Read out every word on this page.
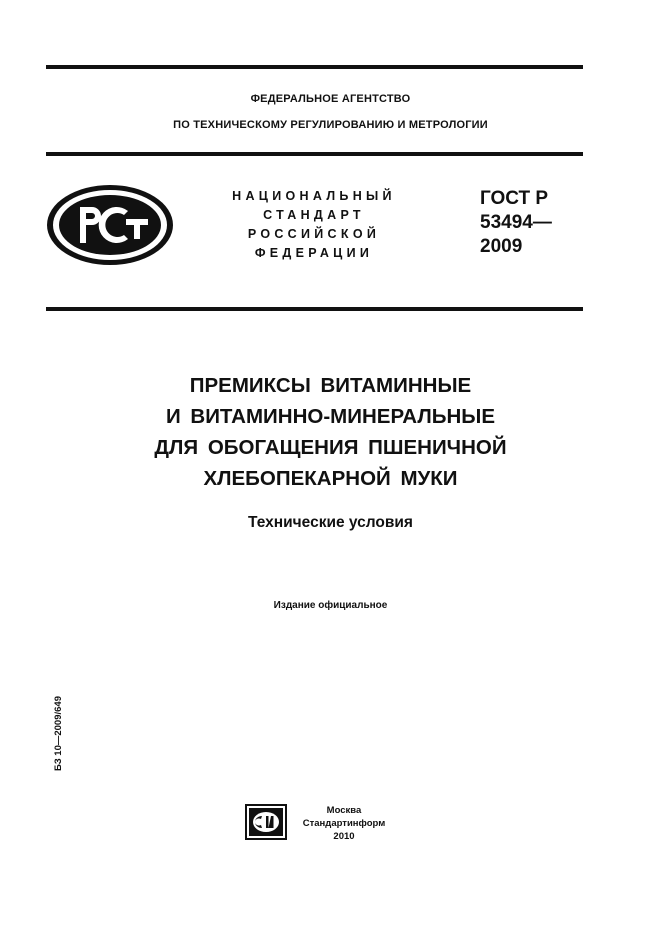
ФЕДЕРАЛЬНОЕ АГЕНТСТВО
ПО ТЕХНИЧЕСКОМУ РЕГУЛИРОВАНИЮ И МЕТРОЛОГИИ
НАЦИОНАЛЬНЫЙ
СТАНДАРТ
РОССИЙСКОЙ
ФЕДЕРАЦИИ
ГОСТ Р
53494—
2009
ПРЕМИКСЫ ВИТАМИННЫЕ
И ВИТАМИННО-МИНЕРАЛЬНЫЕ
ДЛЯ ОБОГАЩЕНИЯ ПШЕНИЧНОЙ
ХЛЕБОПЕКАРНОЙ МУКИ
Технические условия
Издание официальное
БЗ 10—2009/649
Москва
Стандартинформ
2010
